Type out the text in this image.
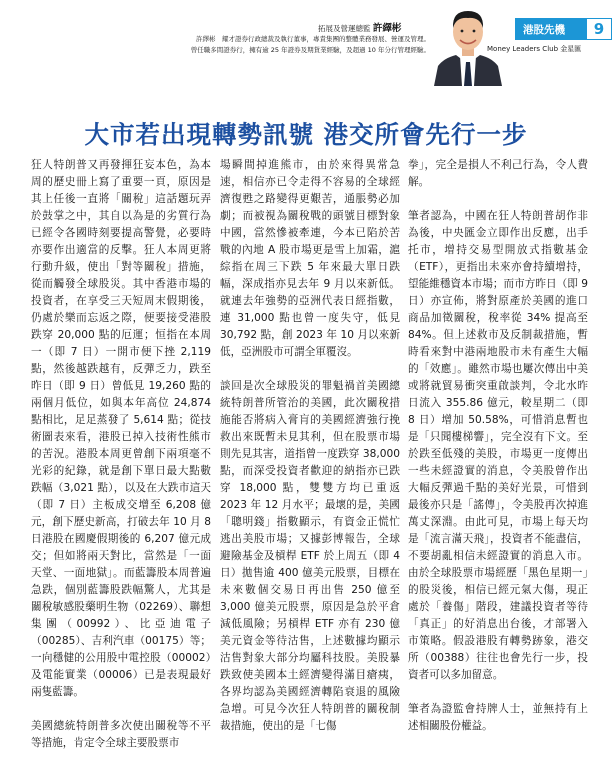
拓展及營運總監 許繹彬
許繹彬　耀才證券行政總裁及執行董事，專責集團的整體業務發展、營運及管理。
曾任職多間證券行，擁有逾 25 年證券及期貨業經驗，及超過 10 年分行管理經驗。
港股先機	9
Money Leaders Club 金星匯
大市若出現轉勢訊號 港交所會先行一步

狂人特朗普又再發揮狂妄本色，為本周的歷史冊上寫了重要一頁，原因是其上任後一直將「關稅」這話題玩弄於鼓掌之中，其自以為是的劣質行為已經令各國時刻要提高警覺，必要時亦要作出適當的反擊。狂人本周更將行動升級，使出「對等關稅」措施，從而觸發全球股災。其中香港市場的投資者，在享受三天短周末假期後，仍處於樂而忘返之際，便要接受港股跌穿 20,000 點的厄運；恒指在本周一（即 7 日）一開市便下挫 2,119 點，然後越跌越有，反彈乏力，跌至昨日（即 9 日）曾低見 19,260 點的兩個月低位，如與本年高位 24,874 點相比，足足蒸發了 5,614 點；從技術圖表來看，港股已掉入技術性熊市的苦況。港股本周更曾創下兩項毫不光彩的紀錄，就是創下單日最大點數跌幅（3,021 點），以及在大跌市這天（即 7 日）主板成交增至 6,208 億元，創下歷史新高，打破去年 10 月 8 日港股在國慶假期後的 6,207 億元成交；但如將兩天對比，當然是「一面天堂、一面地獄」。而藍籌股本周普遍急跌，個別藍籌股跌幅驚人，尤其是關稅敏感股藥明生物（02269）、聯想集團（00992）、比亞迪電子（00285）、吉利汽車（00175）等；一向穩健的公用股中電控股（00002）及電能實業（00006）已是表現最好兩隻藍籌。

美國總統特朗普多次使出關稅等不平等措施，肯定令全球主要股票市

場瞬間掉進熊市，由於來得異常急速，相信亦已令走得不容易的全球經濟復甦之路變得更艱苦，通脹勢必加劇；而被視為關稅戰的頭號目標對象中國，當然慘被牽連，今本已陷於苦戰的內地 A 股市場更是雪上加霜，滬綜指在周三下跌 5 年來最大單日跌幅，深成指亦見去年 9 月以來新低。就連去年強勢的亞洲代表日經指數，連 31,000 點也曾一度失守，低見 30,792 點，創 2023 年 10 月以來新低，亞洲股市可謂全軍覆沒。

談回是次全球股災的罪魁禍首美國總統特朗普所管治的美國，此次關稅措施能否將病入膏肓的美國經濟強行挽救出來既暫未見其利，但在股票市場則先見其害，道指曾一度跌穿 38,000 點，而深受投資者歡迎的納指亦已跌穿 18,000 點，雙雙方均已重返 2023 年 12 月水平；最壞的是，美國「聰明錢」指數顯示，有資金正慌忙逃出美股市場；又據彭博報告，全球避險基金及槓桿 ETF 於上周五（即 4 日）拋售逾 400 億美元股票，目標在未來數個交易日再出售 250 億至 3,000 億美元股票，原因是急於平倉減低風險；另槓桿 ETF 亦有 230 億美元資金等待沽售，上述數據均顯示沽售對象大部分均屬科技股。美股暴跌致使美國本土經濟變得滿目瘡痍，各界均認為美國經濟轉陷衰退的風險急增。可見今次狂人特朗普的關稅制裁措施，使出的是「七傷

拳」，完全是損人不利己行為，令人費解。

筆者認為，中國在狂人特朗普胡作非為後，中央匯金立即作出反應，出手托市，增持交易型開放式指數基金（ETF），更指出未來亦會持續增持，望能維穩資本市場；而市方昨日（即 9 日）亦宣佈，將對原產於美國的進口商品加徵關稅，稅率從 34% 提高至 84%。但上述救市及反制裁措施，暫時看來對中港兩地股市未有產生大幅的「效應」。雖然市場也屢次傳出中美或將就貿易衝突重啟談判，令北水昨日流入 355.86 億元，較星期二（即 8 日）增加 50.58%，可惜消息暫也是「只聞樓梯響」，完全沒有下文。至於跌至低殘的美股，市場更一度傳出一些未經證實的消息，令美股曾作出大幅反彈過千點的美好光景，可惜到最後亦只是「謠傳」，令美股再次掉進萬丈深淵。由此可見，市場上每天均是「流言滿天飛」，投資者不能盡信，不要胡亂相信未經證實的消息入市。由於全球股票市場經歷「黑色星期一」的股災後，相信已經元氣大傷，現正處於「養傷」階段，建議投資者等待「真正」的好消息出台後，才部署入市策略。假設港股有轉勢跡象，港交所（00388）往往也會先行一步，投資者可以多加留意。

筆者為證監會持牌人士，並無持有上述相關股份權益。
